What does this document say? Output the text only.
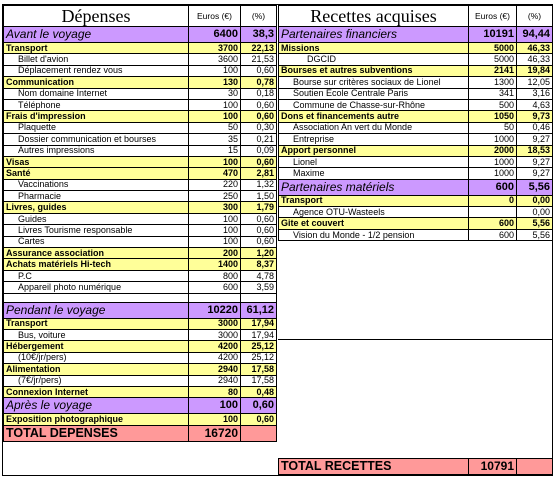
Dépenses	Euros (€)	(%)
Avant le voyage	6400	38,3
Transport	3700	22,13
Billet d'avion	3600	21,53
Déplacement rendez vous	100	0,60
Communication	130	0,78
Nom domaine Internet	30	0,18
Téléphone	100	0,60
Frais d'impression	100	0,60
Plaquette	50	0,30
Dossier communication et bourses	35	0,21
Autres impressions	15	0,09
Visas	100	0,60
Santé	470	2,81
Vaccinations	220	1,32
Pharmacie	250	1,50
Livres, guides	300	1,79
Guides	100	0,60
Livres Tourisme responsable	100	0,60
Cartes	100	0,60
Assurance association	200	1,20
Achats matériels Hi-tech	1400	8,37
P.C	800	4,78
Appareil photo numérique	600	3,59

Pendant le voyage	10220	61,12
Transport	3000	17,94
Bus, voiture	3000	17,94
Hébergement	4200	25,12
(10€/jr/pers)	4200	25,12
Alimentation	2940	17,58
(7€/jr/pers)	2940	17,58
Connexion Internet	80	0,48
Après le voyage	100	0,60
Exposition photographique	100	0,60
TOTAL DEPENSES	16720	
Recettes acquises	Euros (€)	(%)
Partenaires financiers	10191	94,44
Missions	5000	46,33
DGCID	5000	46,33
Bourses et autres subventions	2141	19,84
Bourse sur critères sociaux de Lionel	1300	12,05
Soutien Ecole Centrale Paris	341	3,16
Commune de Chasse-sur-Rhône	500	4,63
Dons et financements autre	1050	9,73
Association An vert du Monde	50	0,46
Entreprise	1000	9,27
Apport personnel	2000	18,53
Lionel	1000	9,27
Maxime	1000	9,27
Partenaires matériels	600	5,56
Transport	0	0,00
Agence OTU-Wasteels		0,00
Gite et couvert	600	5,56
Vision du Monde - 1/2 pension	600	5,56
TOTAL RECETTES	10791	
